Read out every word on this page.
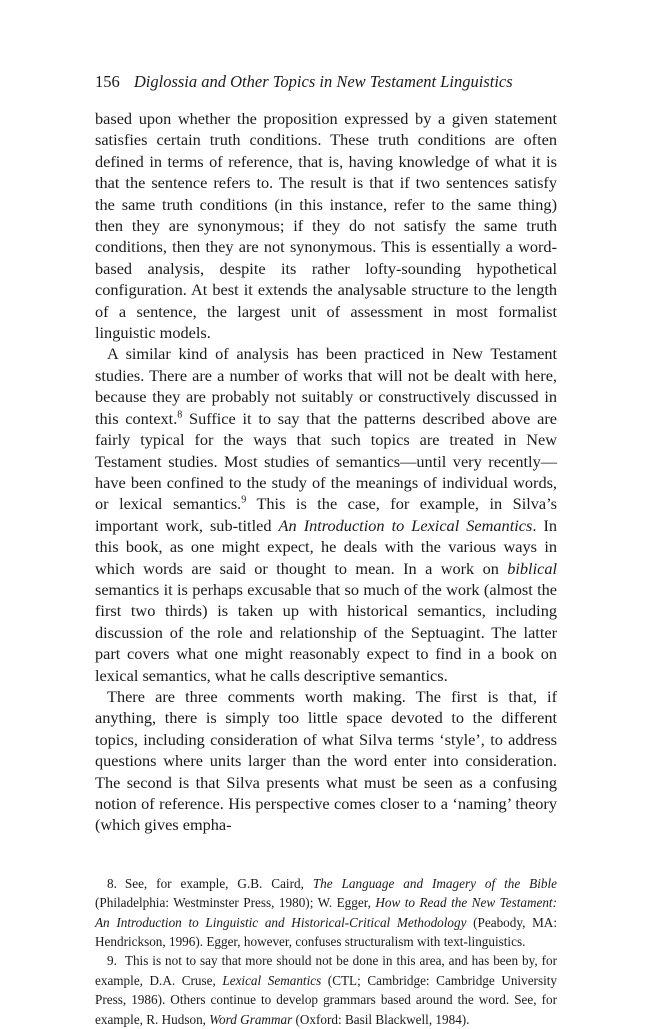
156 Diglossia and Other Topics in New Testament Linguistics

based upon whether the proposition expressed by a given statement satisfies certain truth conditions. These truth conditions are often defined in terms of reference, that is, having knowledge of what it is that the sentence refers to. The result is that if two sentences satisfy the same truth conditions (in this instance, refer to the same thing) then they are synonymous; if they do not satisfy the same truth conditions, then they are not synonymous. This is essentially a word-based analysis, despite its rather lofty-sounding hypothetical configuration. At best it extends the analysable structure to the length of a sentence, the largest unit of assessment in most formalist linguistic models.

A similar kind of analysis has been practiced in New Testament studies. There are a number of works that will not be dealt with here, because they are probably not suitably or constructively discussed in this context.$^8$ Suffice it to say that the patterns described above are fairly typical for the ways that such topics are treated in New Testament studies. Most studies of semantics—until very recently—have been confined to the study of the meanings of individual words, or lexical semantics.$^9$ This is the case, for example, in Silva’s important work, sub-titled An Introduction to Lexical Semantics. In this book, as one might expect, he deals with the various ways in which words are said or thought to mean. In a work on biblical semantics it is perhaps excusable that so much of the work (almost the first two thirds) is taken up with historical semantics, including discussion of the role and relationship of the Septuagint. The latter part covers what one might reasonably expect to find in a book on lexical semantics, what he calls descriptive semantics.

There are three comments worth making. The first is that, if anything, there is simply too little space devoted to the different topics, including consideration of what Silva terms ‘style’, to address questions where units larger than the word enter into consideration. The second is that Silva presents what must be seen as a confusing notion of reference. His perspective comes closer to a ‘naming’ theory (which gives empha-

8. See, for example, G.B. Caird, The Language and Imagery of the Bible (Philadelphia: Westminster Press, 1980); W. Egger, How to Read the New Testament: An Introduction to Linguistic and Historical-Critical Methodology (Peabody, MA: Hendrickson, 1996). Egger, however, confuses structuralism with text-linguistics.

9. This is not to say that more should not be done in this area, and has been by, for example, D.A. Cruse, Lexical Semantics (CTL; Cambridge: Cambridge University Press, 1986). Others continue to develop grammars based around the word. See, for example, R. Hudson, Word Grammar (Oxford: Basil Blackwell, 1984).
